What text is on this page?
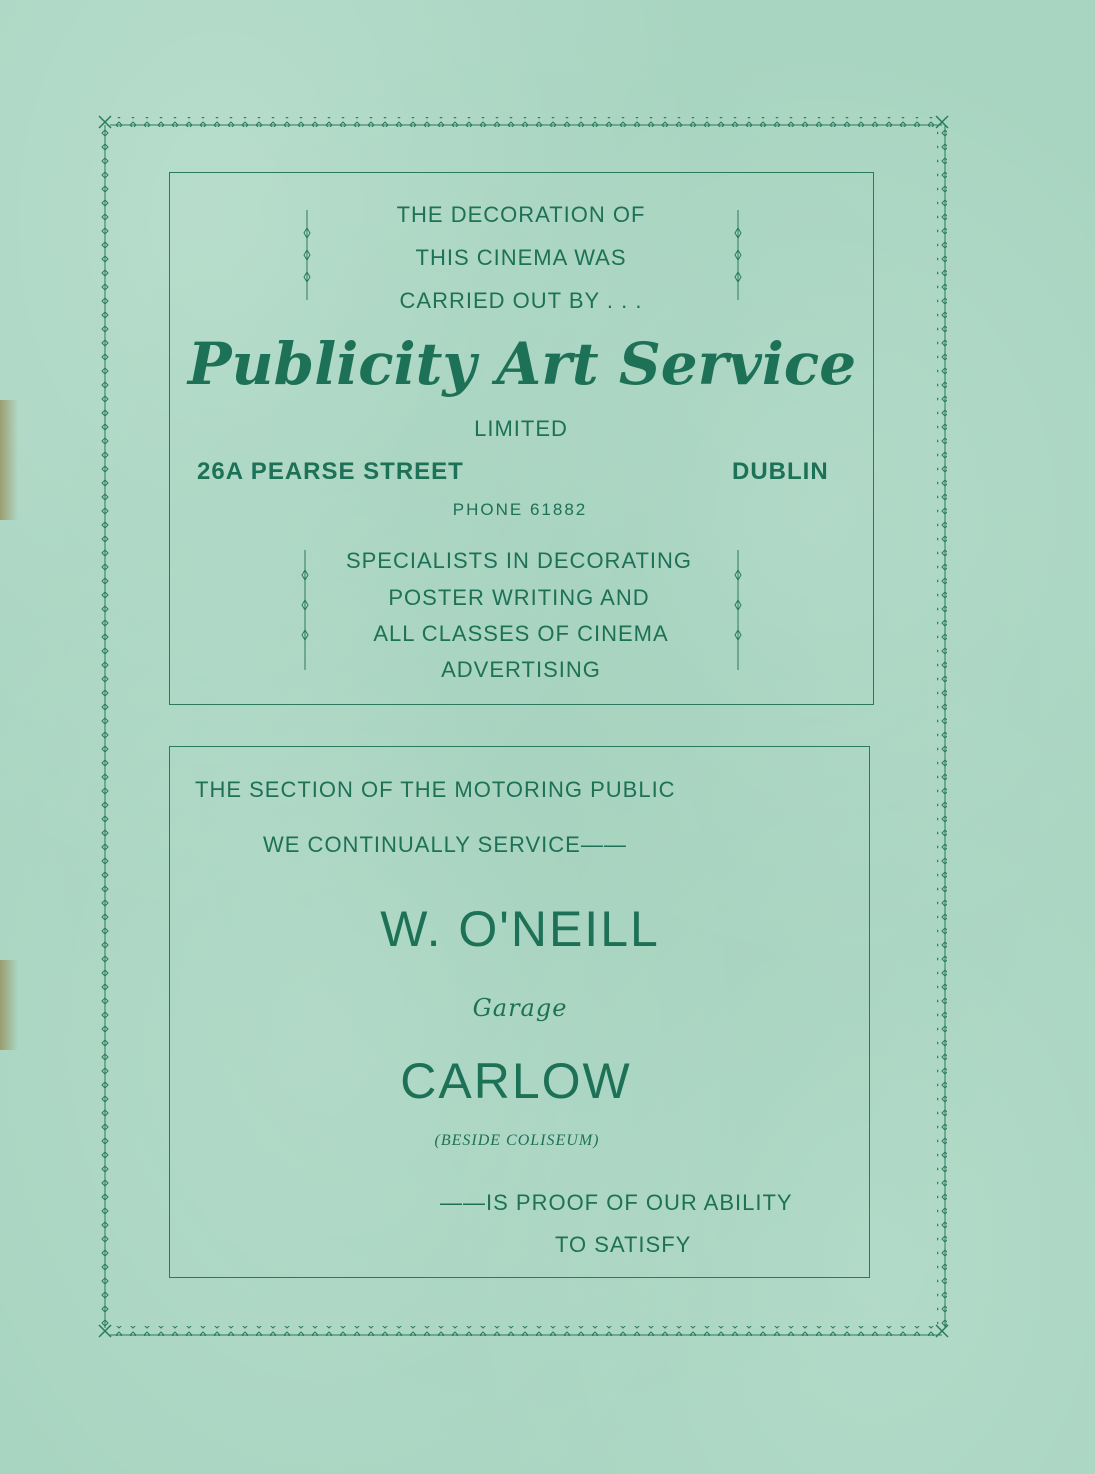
THE DECORATION OF
THIS CINEMA WAS
CARRIED OUT BY . . .
Publicity Art Service
LIMITED
26A PEARSE STREET	DUBLIN
PHONE 61882
SPECIALISTS IN DECORATING
POSTER WRITING AND
ALL CLASSES OF CINEMA
ADVERTISING
THE SECTION OF THE MOTORING PUBLIC
WE CONTINUALLY SERVICE——
W. O'NEILL
Garage
CARLOW
(BESIDE COLISEUM)
——IS PROOF OF OUR ABILITY
TO SATISFY
